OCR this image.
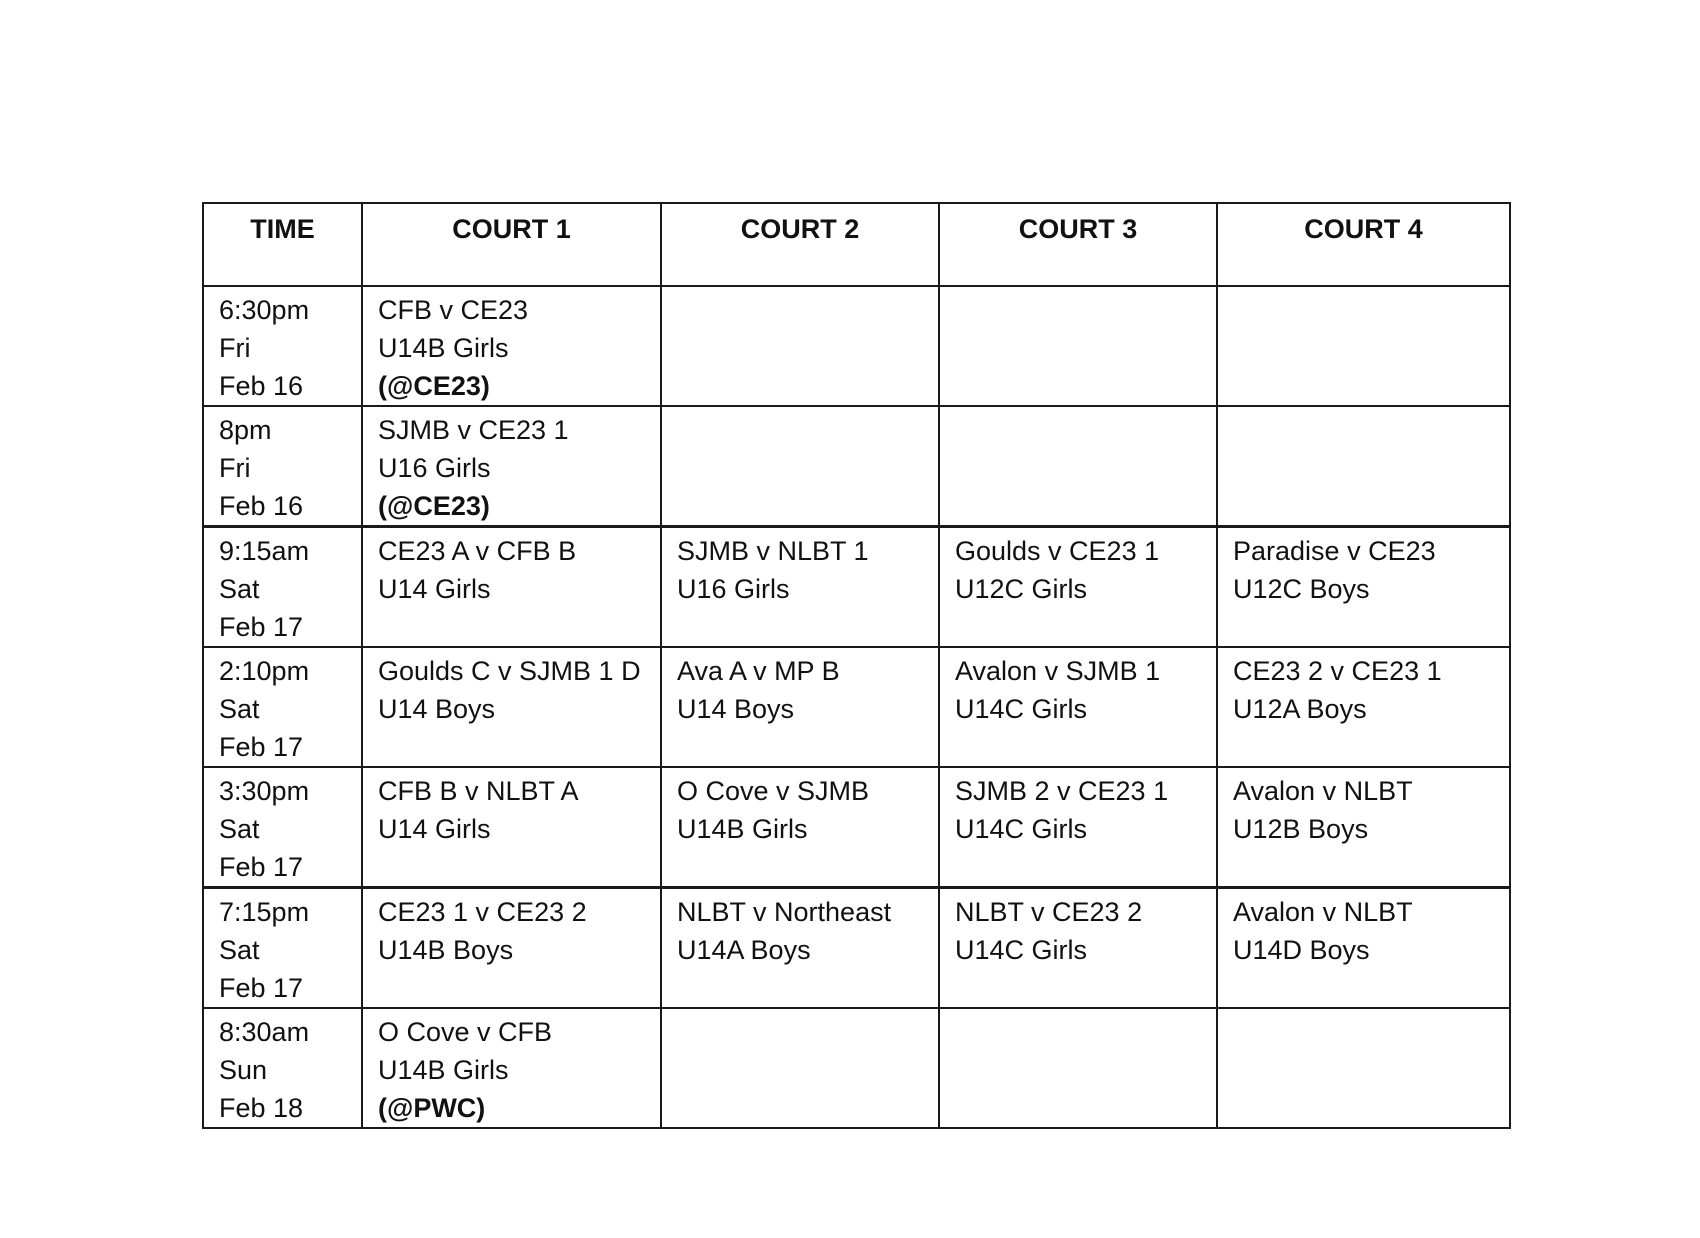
TIME	COURT 1	COURT 2	COURT 3	COURT 4

6:30pm
Fri
Feb 16	CFB v CE23
U14B Girls
(@CE23)			

8pm
Fri
Feb 16	SJMB v CE23 1
U16 Girls
(@CE23)			

9:15am
Sat
Feb 17	CE23 A v CFB B
U14 Girls	SJMB v NLBT 1
U16 Girls	Goulds v CE23 1
U12C Girls	Paradise v CE23
U12C Boys

2:10pm
Sat
Feb 17	Goulds C v SJMB 1 D
U14 Boys	Ava A v MP B
U14 Boys	Avalon v SJMB 1
U14C Girls	CE23 2 v CE23 1
U12A Boys

3:30pm
Sat
Feb 17	CFB B v NLBT A
U14 Girls	O Cove v SJMB
U14B Girls	SJMB 2 v CE23 1
U14C Girls	Avalon v NLBT
U12B Boys

7:15pm
Sat
Feb 17	CE23 1 v CE23 2
U14B Boys	NLBT v Northeast
U14A Boys	NLBT v CE23 2
U14C Girls	Avalon v NLBT
U14D Boys

8:30am
Sun
Feb 18	O Cove v CFB
U14B Girls
(@PWC)			
